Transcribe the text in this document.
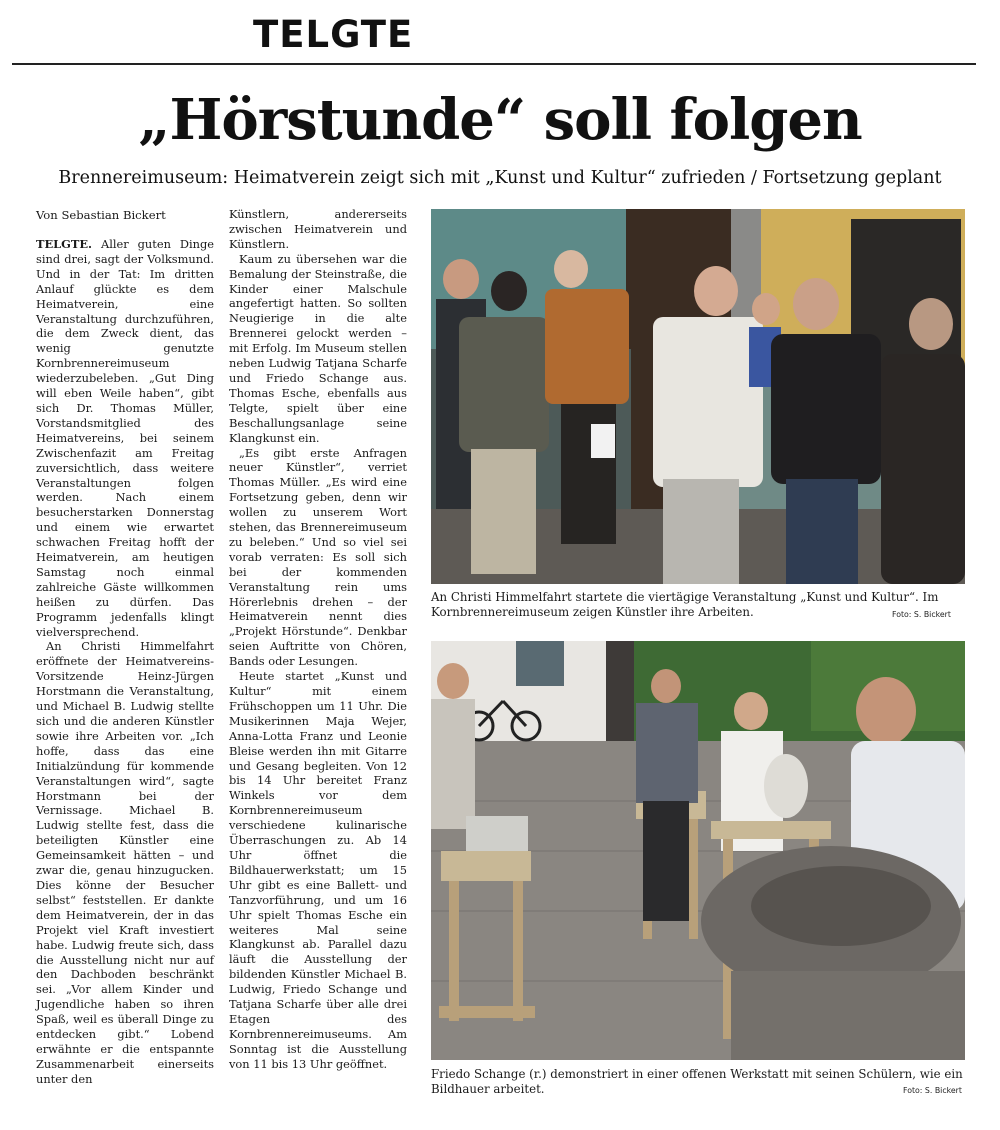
TELGTE
„Hörstunde“ soll folgen
Brennereimuseum: Heimatverein zeigt sich mit „Kunst und Kultur“ zufrieden / Fortsetzung geplant
Von Sebastian Bickert

TELGTE. Aller guten Dinge sind drei, sagt der Volksmund. Und in der Tat: Im dritten Anlauf glückte es dem Heimatverein, eine Veranstaltung durchzuführen, die dem Zweck dient, das wenig genutzte Kornbrennereimuseum wiederzubeleben. „Gut Ding will eben Weile haben“, gibt sich Dr. Thomas Müller, Vorstandsmitglied des Heimatvereins, bei seinem Zwischenfazit am Freitag zuversichtlich, dass weitere Veranstaltungen folgen werden. Nach einem besucherstarken Donnerstag und einem wie erwartet schwachen Freitag hofft der Heimatverein, am heutigen Samstag noch einmal zahlreiche Gäste willkommen heißen zu dürfen. Das Programm jedenfalls klingt vielversprechend.

An Christi Himmelfahrt eröffnete der Heimatvereins-Vorsitzende Heinz-Jürgen Horstmann die Veranstaltung, und Michael B. Ludwig stellte sich und die anderen Künstler sowie ihre Arbeiten vor. „Ich hoffe, dass das eine Initialzündung für kommende Veranstaltungen wird“, sagte Horstmann bei der Vernissage. Michael B. Ludwig stellte fest, dass die beteiligten Künstler eine Gemeinsamkeit hätten – und zwar die, genau hinzugucken. Dies könne der Besucher selbst“ feststellen. Er dankte dem Heimatverein, der in das Projekt viel Kraft investiert habe. Ludwig freute sich, dass die Ausstellung nicht nur auf den Dachboden beschränkt sei. „Vor allem Kinder und Jugendliche haben so ihren Spaß, weil es überall Dinge zu entdecken gibt.“ Lobend erwähnte er die entspannte Zusammenarbeit einerseits unter den

Künstlern, andererseits zwischen Heimatverein und Künstlern.

Kaum zu übersehen war die Bemalung der Steinstraße, die Kinder einer Malschule angefertigt hatten. So sollten Neugierige in die alte Brennerei gelockt werden – mit Erfolg. Im Museum stellen neben Ludwig Tatjana Scharfe und Friedo Schange aus. Thomas Esche, ebenfalls aus Telgte, spielt über eine Beschallungsanlage seine Klangkunst ein.

„Es gibt erste Anfragen neuer Künstler“, verriet Thomas Müller. „Es wird eine Fortsetzung geben, denn wir wollen zu unserem Wort stehen, das Brennereimuseum zu beleben.“ Und so viel sei vorab verraten: Es soll sich bei der kommenden Veranstaltung rein ums Hörerlebnis drehen – der Heimatverein nennt dies „Projekt Hörstunde“. Denkbar seien Auftritte von Chören, Bands oder Lesungen.

Heute startet „Kunst und Kultur“ mit einem Frühschoppen um 11 Uhr. Die Musikerinnen Maja Wejer, Anna-Lotta Franz und Leonie Bleise werden ihn mit Gitarre und Gesang begleiten. Von 12 bis 14 Uhr bereitet Franz Winkels vor dem Kornbrennereimuseum verschiedene kulinarische Überraschungen zu. Ab 14 Uhr öffnet die Bildhauerwerkstatt; um 15 Uhr gibt es eine Ballett- und Tanzvorführung, und um 16 Uhr spielt Thomas Esche ein weiteres Mal seine Klangkunst ab. Parallel dazu läuft die Ausstellung der bildenden Künstler Michael B. Ludwig, Friedo Schange und Tatjana Scharfe über alle drei Etagen des Kornbrennereimuseums. Am Sonntag ist die Ausstellung von 11 bis 13 Uhr geöffnet.

An Christi Himmelfahrt startete die viertägige Veranstaltung „Kunst und Kultur“. Im Kornbrennereimuseum zeigen Künstler ihre Arbeiten.	Foto: S. Bickert
Friedo Schange (r.) demonstriert in einer offenen Werkstatt mit seinen Schülern, wie ein Bildhauer arbeitet.	Foto: S. Bickert
